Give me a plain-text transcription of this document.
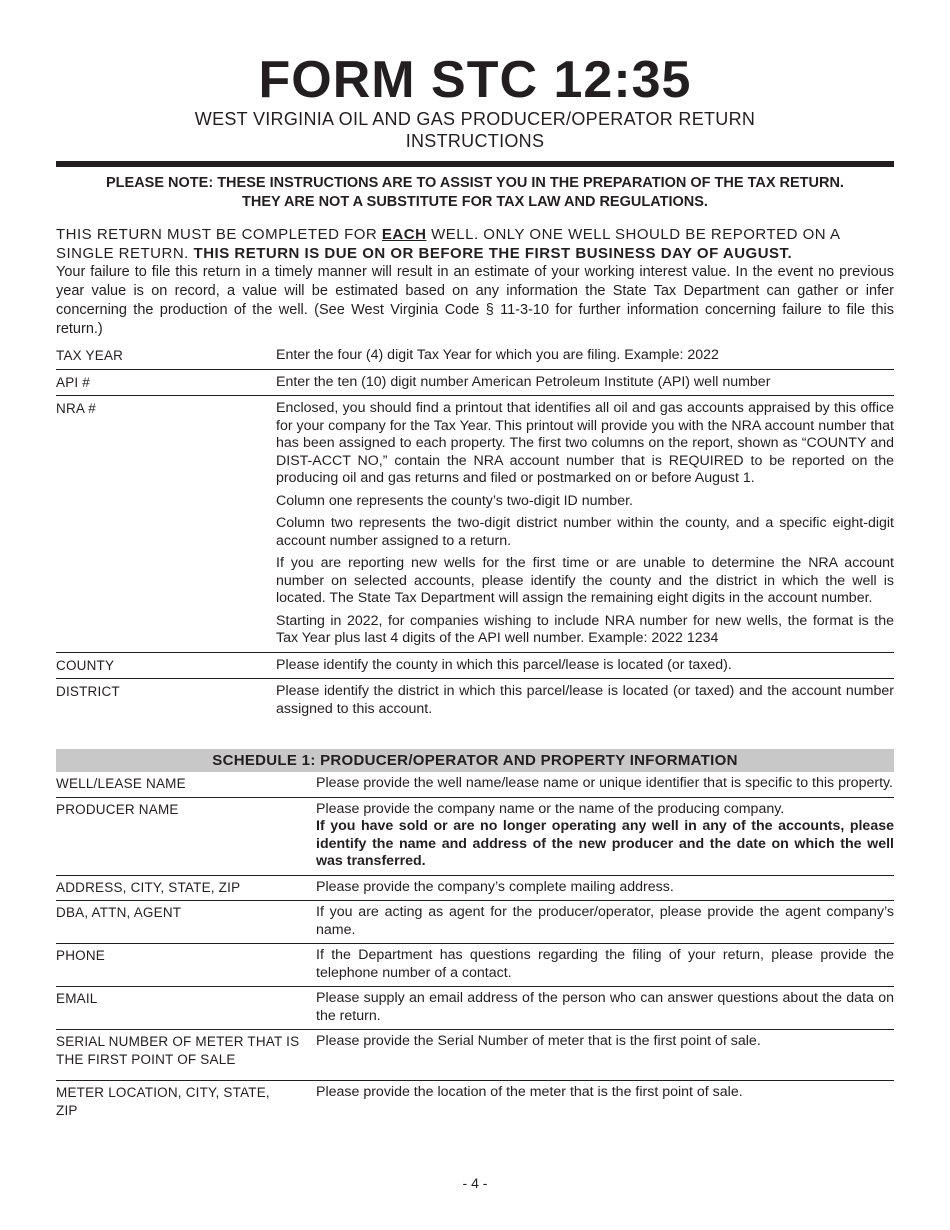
FORM STC 12:35
WEST VIRGINIA OIL AND GAS PRODUCER/OPERATOR RETURN
INSTRUCTIONS
PLEASE NOTE: THESE INSTRUCTIONS ARE TO ASSIST YOU IN THE PREPARATION OF THE TAX RETURN.
THEY ARE NOT A SUBSTITUTE FOR TAX LAW AND REGULATIONS.
THIS RETURN MUST BE COMPLETED FOR EACH WELL. ONLY ONE WELL SHOULD BE REPORTED ON A SINGLE RETURN. THIS RETURN IS DUE ON OR BEFORE THE FIRST BUSINESS DAY OF AUGUST.
Your failure to file this return in a timely manner will result in an estimate of your working interest value. In the event no previous year value is on record, a value will be estimated based on any information the State Tax Department can gather or infer concerning the production of the well. (See West Virginia Code § 11-3-10 for further information concerning failure to file this return.)
TAX YEAR	Enter the four (4) digit Tax Year for which you are filing. Example: 2022
API #	Enter the ten (10) digit number American Petroleum Institute (API) well number
NRA #	Enclosed, you should find a printout that identifies all oil and gas accounts appraised by this office for your company for the Tax Year. This printout will provide you with the NRA account number that has been assigned to each property. The first two columns on the report, shown as “COUNTY and DIST-ACCT NO,” contain the NRA account number that is REQUIRED to be reported on the producing oil and gas returns and filed or postmarked on or before August 1.
Column one represents the county’s two-digit ID number.
Column two represents the two-digit district number within the county, and a specific eight-digit account number assigned to a return.
If you are reporting new wells for the first time or are unable to determine the NRA account number on selected accounts, please identify the county and the district in which the well is located. The State Tax Department will assign the remaining eight digits in the account number.
Starting in 2022, for companies wishing to include NRA number for new wells, the format is the Tax Year plus last 4 digits of the API well number. Example: 2022 1234

COUNTY	Please identify the county in which this parcel/lease is located (or taxed).
DISTRICT	Please identify the district in which this parcel/lease is located (or taxed) and the account number assigned to this account.
SCHEDULE 1: PRODUCER/OPERATOR AND PROPERTY INFORMATION
WELL/LEASE NAME	Please provide the well name/lease name or unique identifier that is specific to this property.
PRODUCER NAME	Please provide the company name or the name of the producing company.
If you have sold or are no longer operating any well in any of the accounts, please identify the name and address of the new producer and the date on which the well was transferred.

ADDRESS, CITY, STATE, ZIP	Please provide the company’s complete mailing address.
DBA, ATTN, AGENT	If you are acting as agent for the producer/operator, please provide the agent company’s name.
PHONE	If the Department has questions regarding the filing of your return, please provide the telephone number of a contact.
EMAIL	Please supply an email address of the person who can answer questions about the data on the return.
SERIAL NUMBER OF METER THAT IS THE FIRST POINT OF SALE	Please provide the Serial Number of meter that is the first point of sale.
METER LOCATION, CITY, STATE, ZIP	Please provide the location of the meter that is the first point of sale.
- 4 -
